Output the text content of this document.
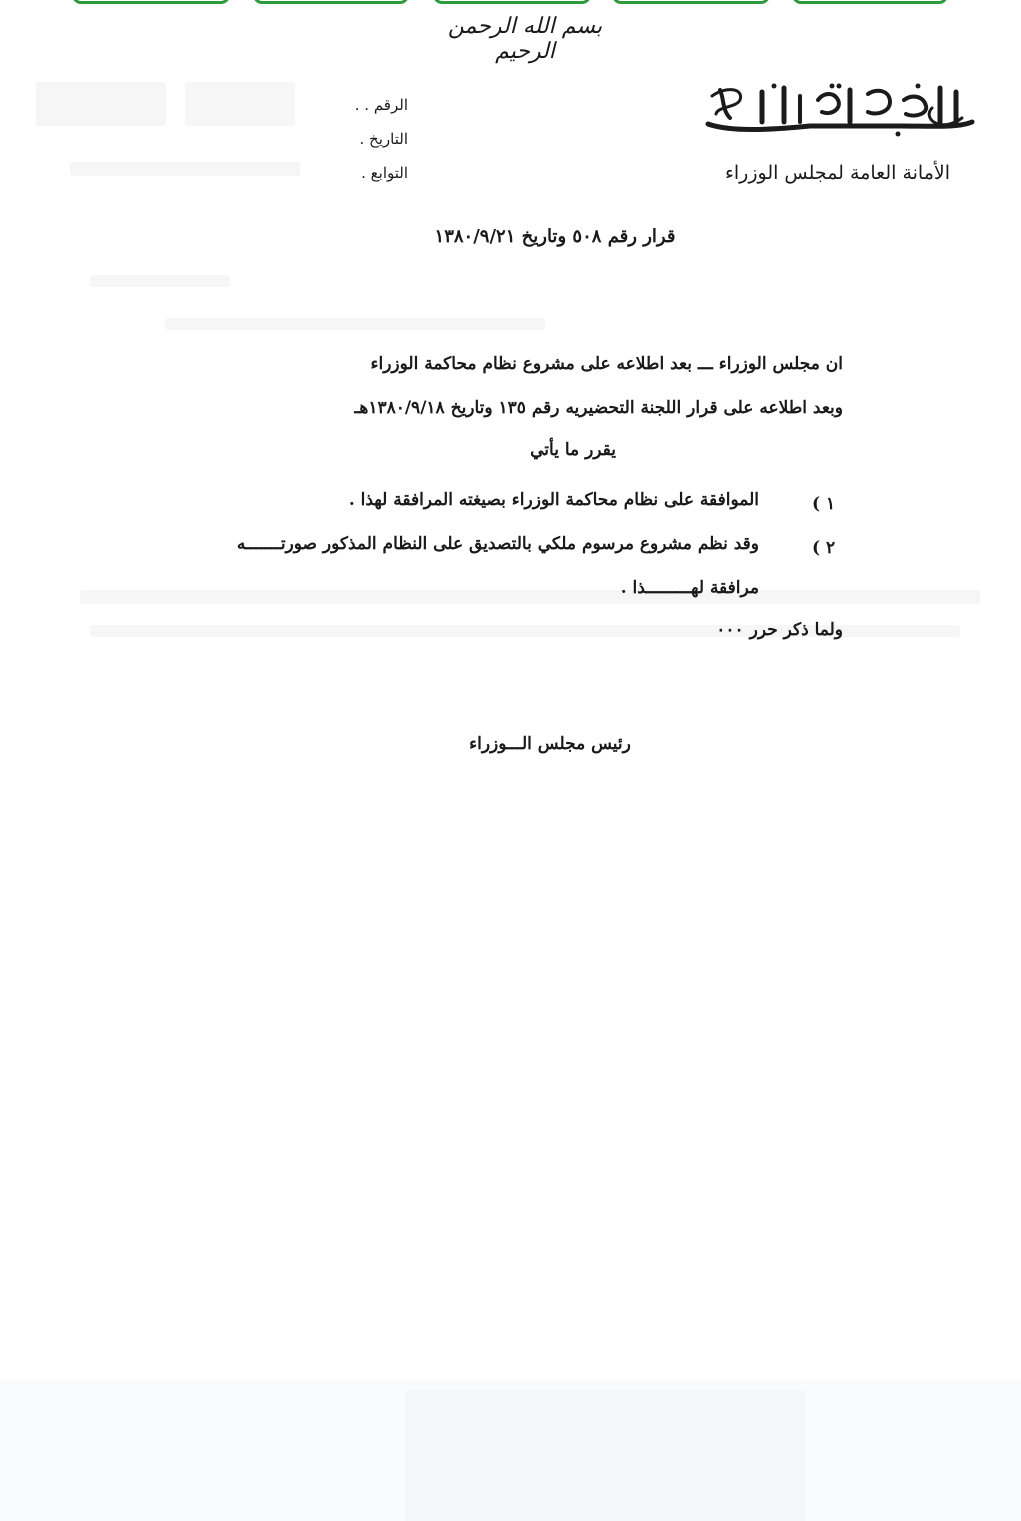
بسم الله الرحمن الرحيم
الرقم . .
التاريخ .
التوابع .	الأمانة العامة لمجلس الوزراء
قرار رقم ٥٠٨ وتاريخ ١٣٨٠/٩/٢١
ان مجلس الوزراء ـــ بعد اطلاعه على مشروع نظام محاكمة الوزراء
وبعد اطلاعه على قرار اللجنة التحضيريه رقم ١٣٥ وتاريخ ١٣٨٠/٩/١٨هـ
يقرر ما يأتي
١ )
الموافقة على نظام محاكمة الوزراء بصيغته المرافقة لهذا .
٢ )
وقد نظم مشروع مرسوم ملكي بالتصديق على النظام المذكور صورتـــــــه
مرافقة لهـــــــــذا .
ولما ذكر حرر ٠٠٠
رئيس مجلس الـــوزراء
